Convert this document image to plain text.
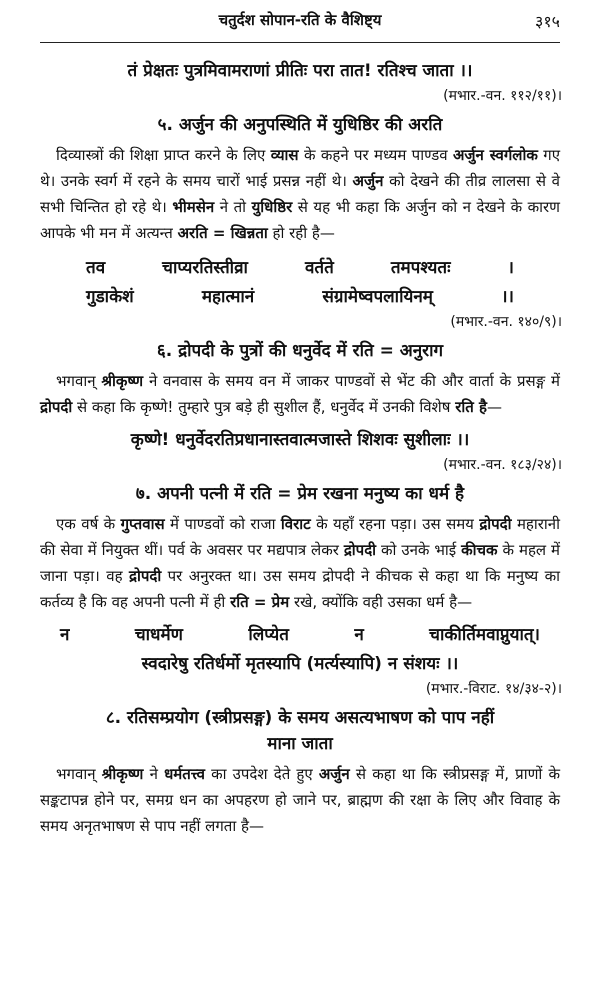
चतुर्दश सोपान-रति के वैशिष्ट्य	३१५
तं प्रेक्षतः पुत्रमिवामराणां प्रीतिः परा तात! रतिश्च जाता ।।
(मभार.-वन. ११२/११)।
५. अर्जुन की अनुपस्थिति में युधिष्ठिर की अरति

दिव्यास्त्रों की शिक्षा प्राप्त करने के लिए व्यास के कहने पर मध्यम पाण्डव अर्जुन स्वर्गलोक गए थे। उनके स्वर्ग में रहने के समय चारों भाई प्रसन्न नहीं थे। अर्जुन को देखने की तीव्र लालसा से वे सभी चिन्तित हो रहे थे। भीमसेन ने तो युधिष्ठिर से यह भी कहा कि अर्जुन को न देखने के कारण आपके भी मन में अत्यन्त अरति = खिन्नता हो रही है—

तव चाप्यरतिस्तीव्रा वर्तते तमपश्यतः ।
गुडाकेशं महात्मानं संग्रामेष्वपलायिनम् ।।
(मभार.-वन. १४०/९)।
६. द्रोपदी के पुत्रों की धनुर्वेद में रति = अनुराग

भगवान् श्रीकृष्ण ने वनवास के समय वन में जाकर पाण्डवों से भेंट की और वार्ता के प्रसङ्ग में द्रोपदी से कहा कि कृष्णे! तुम्हारे पुत्र बड़े ही सुशील हैं, धनुर्वेद में उनकी विशेष रति है—

कृष्णे! धनुर्वेदरतिप्रधानास्तवात्मजास्ते शिशवः सुशीलाः ।।
(मभार.-वन. १८३/२४)।
७. अपनी पत्नी में रति = प्रेम रखना मनुष्य का धर्म है

एक वर्ष के गुप्तवास में पाण्डवों को राजा विराट के यहाँ रहना पड़ा। उस समय द्रोपदी महारानी की सेवा में नियुक्त थीं। पर्व के अवसर पर मद्यपात्र लेकर द्रोपदी को उनके भाई कीचक के महल में जाना पड़ा। वह द्रोपदी पर अनुरक्त था। उस समय द्रोपदी ने कीचक से कहा था कि मनुष्य का कर्तव्य है कि वह अपनी पत्नी में ही रति = प्रेम रखे, क्योंकि वही उसका धर्म है—

न चाधर्मेण लिप्येत न चाकीर्तिमवाप्नुयात्।
स्वदारेषु रतिर्धर्मो मृतस्यापि (मर्त्यस्यापि) न संशयः ।।
(मभार.-विराट. १४/३४-२)।
८. रतिसम्प्रयोग (स्त्रीप्रसङ्ग) के समय असत्यभाषण को पाप नहीं
माना जाता

भगवान् श्रीकृष्ण ने धर्मतत्त्व का उपदेश देते हुए अर्जुन से कहा था कि स्त्रीप्रसङ्ग में, प्राणों के सङ्कटापन्न होने पर, समग्र धन का अपहरण हो जाने पर, ब्राह्मण की रक्षा के लिए और विवाह के समय अनृतभाषण से पाप नहीं लगता है—
